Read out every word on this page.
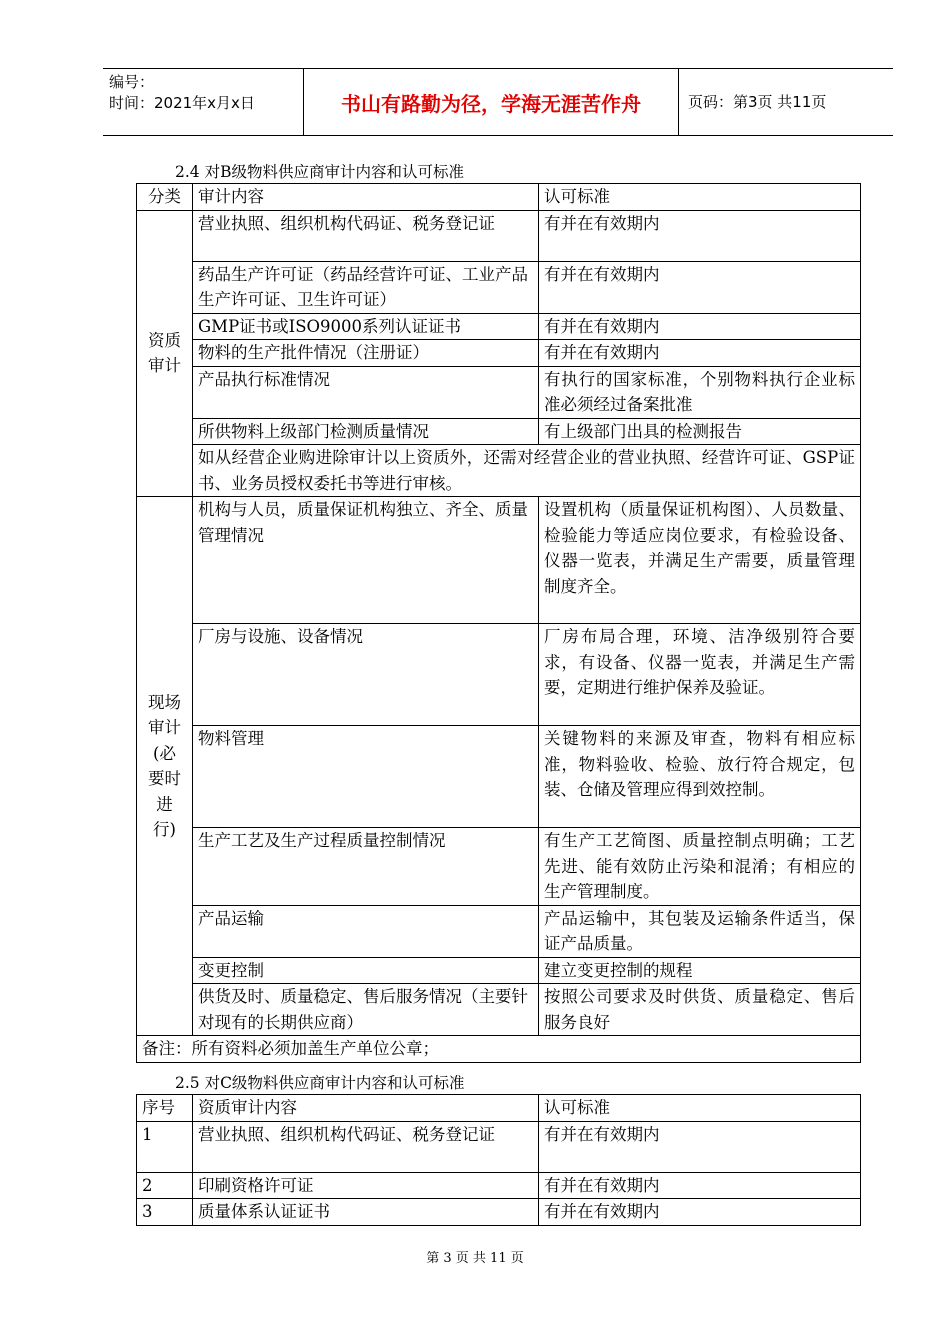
编号：
时间：2021年x月x日	书山有路勤为径，学海无涯苦作舟	页码：第3页 共11页
2.4 对B级物料供应商审计内容和认可标准
分类	审计内容	认可标准
资质审计	营业执照、组织机构代码证、税务登记证	有并在有效期内
	药品生产许可证（药品经营许可证、工业产品生产许可证、卫生许可证）	有并在有效期内
	GMP证书或ISO9000系列认证证书	有并在有效期内
	物料的生产批件情况（注册证）	有并在有效期内
	产品执行标准情况	有执行的国家标准，个别物料执行企业标准必须经过备案批准
	所供物料上级部门检测质量情况	有上级部门出具的检测报告
	如从经营企业购进除审计以上资质外，还需对经营企业的营业执照、经营许可证、GSP证书、业务员授权委托书等进行审核。	
现场审计(必要时进行)	机构与人员，质量保证机构独立、齐全、质量管理情况	设置机构（质量保证机构图）、人员数量、检验能力等适应岗位要求，有检验设备、仪器一览表，并满足生产需要，质量管理制度齐全。
	厂房与设施、设备情况	厂房布局合理，环境、洁净级别符合要求，有设备、仪器一览表，并满足生产需要，定期进行维护保养及验证。
	物料管理	关键物料的来源及审查，物料有相应标准，物料验收、检验、放行符合规定，包装、仓储及管理应得到效控制。
	生产工艺及生产过程质量控制情况	有生产工艺简图、质量控制点明确；工艺先进、能有效防止污染和混淆；有相应的生产管理制度。
	产品运输	产品运输中，其包装及运输条件适当，保证产品质量。
	变更控制	建立变更控制的规程
	供货及时、质量稳定、售后服务情况（主要针对现有的长期供应商）	按照公司要求及时供货、质量稳定、售后服务良好
备注：所有资料必须加盖生产单位公章；		
2.5 对C级物料供应商审计内容和认可标准
序号	资质审计内容	认可标准
1	营业执照、组织机构代码证、税务登记证	有并在有效期内
2	印刷资格许可证	有并在有效期内
3	质量体系认证证书	有并在有效期内
第 3 页 共 11 页
